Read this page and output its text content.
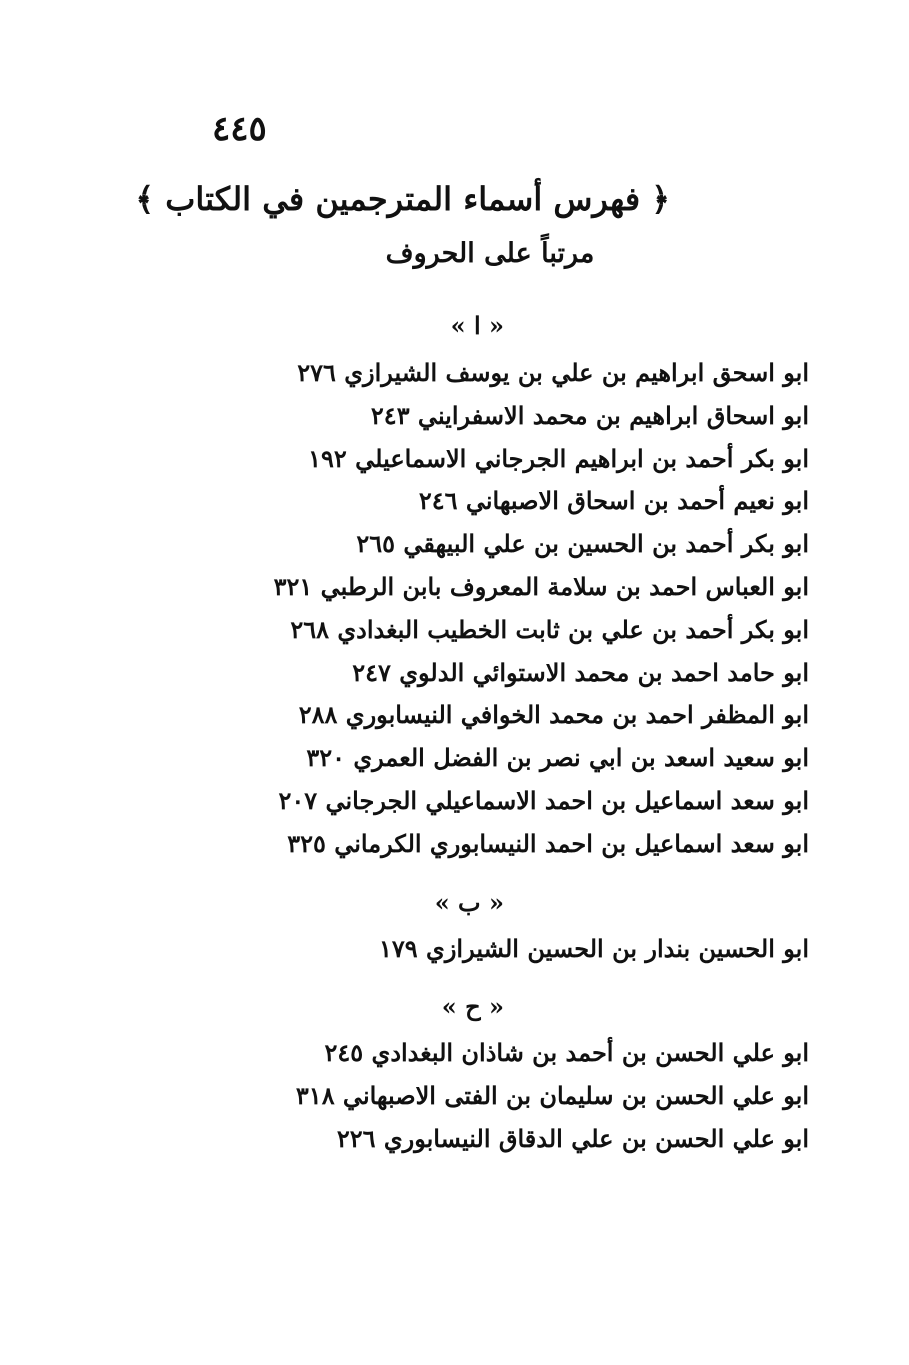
٤٤٥
﴿ فهرس أسماء المترجمين في الكتاب ﴾
مرتباً على الحروف
« ا »
ابو اسحق ابراهيم بن علي بن يوسف الشيرازي ٢٧٦
ابو اسحاق ابراهيم بن محمد الاسفرايني ٢٤٣
ابو بكر أحمد بن ابراهيم الجرجاني الاسماعيلي ١٩٢
ابو نعيم أحمد بن اسحاق الاصبهاني ٢٤٦
ابو بكر أحمد بن الحسين بن علي البيهقي ٢٦٥
ابو العباس احمد بن سلامة المعروف بابن الرطبي ٣٢١
ابو بكر أحمد بن علي بن ثابت الخطيب البغدادي ٢٦٨
ابو حامد احمد بن محمد الاستوائي الدلوي ٢٤٧
ابو المظفر احمد بن محمد الخوافي النيسابوري ٢٨٨
ابو سعيد اسعد بن ابي نصر بن الفضل العمري ٣٢٠
ابو سعد اسماعيل بن احمد الاسماعيلي الجرجاني ٢٠٧
ابو سعد اسماعيل بن احمد النيسابوري الكرماني ٣٢٥
« ب »
ابو الحسين بندار بن الحسين الشيرازي ١٧٩
« ح »
ابو علي الحسن بن أحمد بن شاذان البغدادي ٢٤٥
ابو علي الحسن بن سليمان بن الفتى الاصبهاني ٣١٨
ابو علي الحسن بن علي الدقاق النيسابوري ٢٢٦
